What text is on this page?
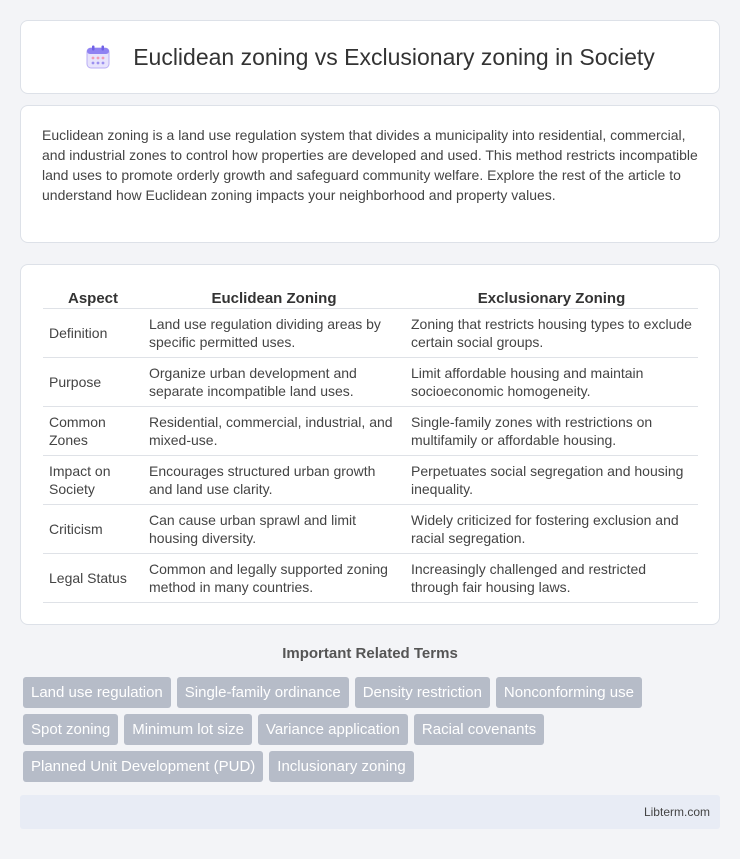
Euclidean zoning vs Exclusionary zoning in Society

Euclidean zoning is a land use regulation system that divides a municipality into residential, commercial, and industrial zones to control how properties are developed and used. This method restricts incompatible land uses to promote orderly growth and safeguard community welfare. Explore the rest of the article to understand how Euclidean zoning impacts your neighborhood and property values.

Aspect	Euclidean Zoning	Exclusionary Zoning
Definition	Land use regulation dividing areas by specific permitted uses.	Zoning that restricts housing types to exclude certain social groups.
Purpose	Organize urban development and separate incompatible land uses.	Limit affordable housing and maintain socioeconomic homogeneity.
Common Zones	Residential, commercial, industrial, and mixed-use.	Single-family zones with restrictions on multifamily or affordable housing.
Impact on Society	Encourages structured urban growth and land use clarity.	Perpetuates social segregation and housing inequality.
Criticism	Can cause urban sprawl and limit housing diversity.	Widely criticized for fostering exclusion and racial segregation.
Legal Status	Common and legally supported zoning method in many countries.	Increasingly challenged and restricted through fair housing laws.
Important Related Terms
Land use regulation	Single-family ordinance	Density restriction	Nonconforming use
Spot zoning	Minimum lot size	Variance application	Racial covenants
Planned Unit Development (PUD)	Inclusionary zoning
Libterm.com
